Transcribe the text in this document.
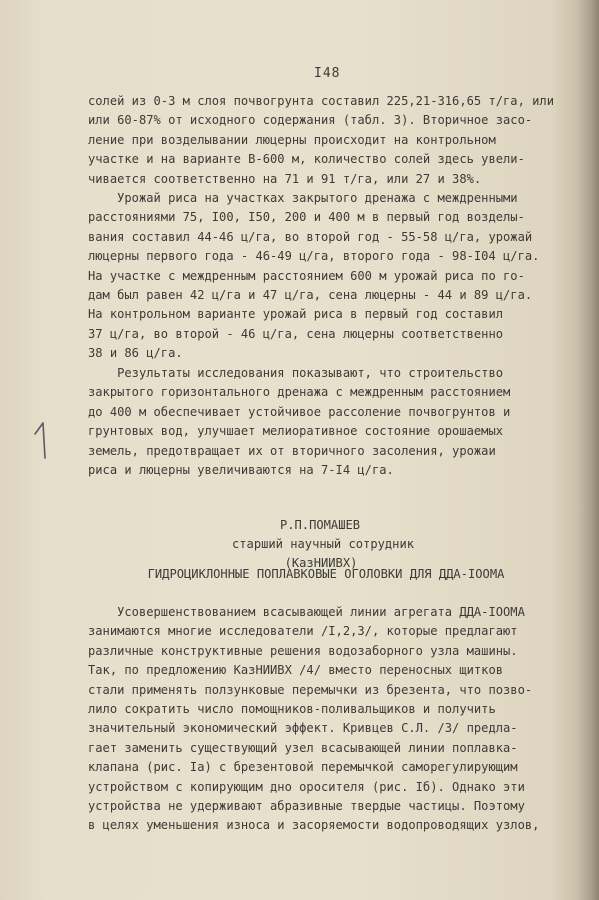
I48
солей из 0-3 м слоя почвогрунта составил 225,21-316,65 т/га, или
или 60-87% от исходного содержания (табл. 3). Вторичное засо-
ление при возделывании люцерны происходит на контрольном
участке и на варианте В-600 м, количество солей здесь увели-
чивается соответственно на 71 и 91 т/га, или 27 и 38%.
Урожай риса на участках закрытого дренажа с междренными
расстояниями 75, I00, I50, 200 и 400 м в первый год возделы-
вания составил 44-46 ц/га, во второй год - 55-58 ц/га, урожай
люцерны первого года - 46-49 ц/га, второго года - 98-I04 ц/га.
На участке с междренным расстоянием 600 м урожай риса по го-
дам был равен 42 ц/га и 47 ц/га, сена люцерны - 44 и 89 ц/га.
На контрольном варианте урожай риса в первый год составил
37 ц/га, во второй - 46 ц/га, сена люцерны соответственно
38 и 86 ц/га.
Результаты исследования показывают, что строительство
закрытого горизонтального дренажа с междренным расстоянием
до 400 м обеспечивает устойчивое рассоление почвогрунтов и
грунтовых вод, улучшает мелиоративное состояние орошаемых
земель, предотвращает их от вторичного засоления, урожаи
риса и люцерны увеличиваются на 7-I4 ц/га.
Р.П.ПОМАШЕВ
старший научный сотрудник
(КазНИИВХ)
ГИДРОЦИКЛОННЫЕ ПОПЛАВКОВЫЕ ОГОЛОВКИ ДЛЯ ДДА-IOOМА
Усовершенствованием всасывающей линии агрегата ДДА-IOOМА
занимаются многие исследователи /I,2,3/, которые предлагают
различные конструктивные решения водозаборного узла машины.
Так, по предложению КазНИИВХ /4/ вместо переносных щитков
стали применять ползунковые перемычки из брезента, что позво-
лило сократить число помощников-поливальщиков и получить
значительный экономический эффект. Кривцев С.Л. /3/ предла-
гает заменить существующий узел всасывающей линии поплавка-
клапана (рис. Iа) с брезентовой перемычкой саморегулирующим
устройством с копирующим дно оросителя (рис. Iб). Однако эти
устройства не удерживают абразивные твердые частицы. Поэтому
в целях уменьшения износа и засоряемости водопроводящих узлов,
